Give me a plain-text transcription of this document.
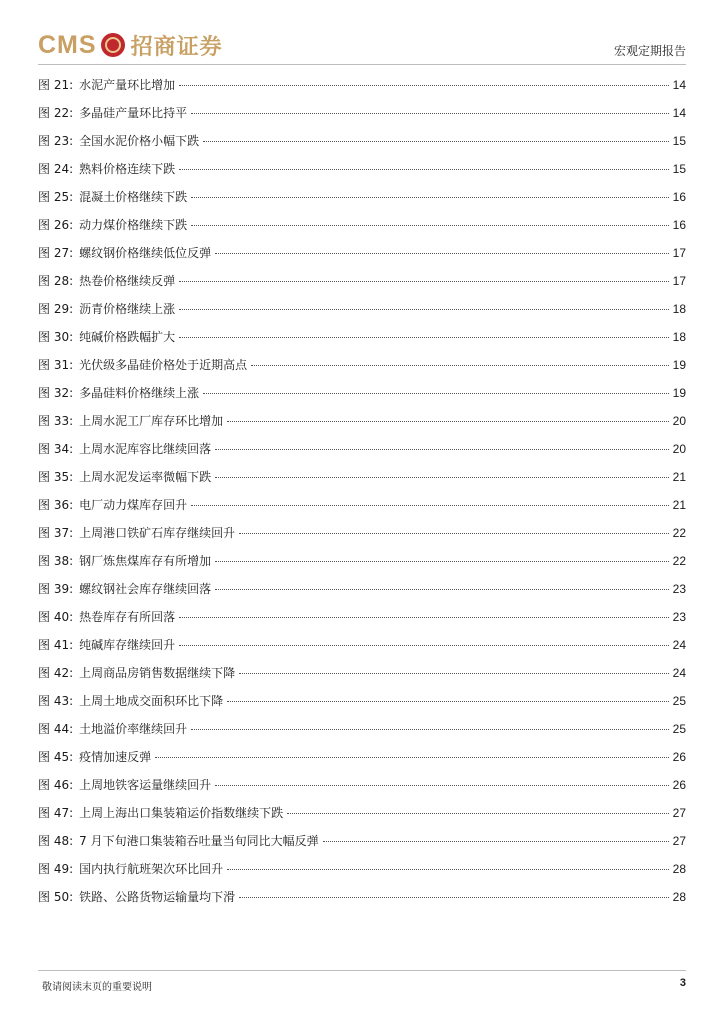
CMS 招商证券	宏观定期报告
图 21: 水泥产量环比增加	14
图 22: 多晶硅产量环比持平	14
图 23: 全国水泥价格小幅下跌	15
图 24: 熟料价格连续下跌	15
图 25: 混凝土价格继续下跌	16
图 26: 动力煤价格继续下跌	16
图 27: 螺纹钢价格继续低位反弹	17
图 28: 热卷价格继续反弹	17
图 29: 沥青价格继续上涨	18
图 30: 纯碱价格跌幅扩大	18
图 31: 光伏级多晶硅价格处于近期高点	19
图 32: 多晶硅料价格继续上涨	19
图 33: 上周水泥工厂库存环比增加	20
图 34: 上周水泥库容比继续回落	20
图 35: 上周水泥发运率微幅下跌	21
图 36: 电厂动力煤库存回升	21
图 37: 上周港口铁矿石库存继续回升	22
图 38: 钢厂炼焦煤库存有所增加	22
图 39: 螺纹钢社会库存继续回落	23
图 40: 热卷库存有所回落	23
图 41: 纯碱库存继续回升	24
图 42: 上周商品房销售数据继续下降	24
图 43: 上周土地成交面积环比下降	25
图 44: 土地溢价率继续回升	25
图 45: 疫情加速反弹	26
图 46: 上周地铁客运量继续回升	26
图 47: 上周上海出口集装箱运价指数继续下跌	27
图 48: 7 月下旬港口集装箱吞吐量当旬同比大幅反弹	27
图 49: 国内执行航班架次环比回升	28
图 50: 铁路、公路货物运输量均下滑	28
敬请阅读末页的重要说明	3
